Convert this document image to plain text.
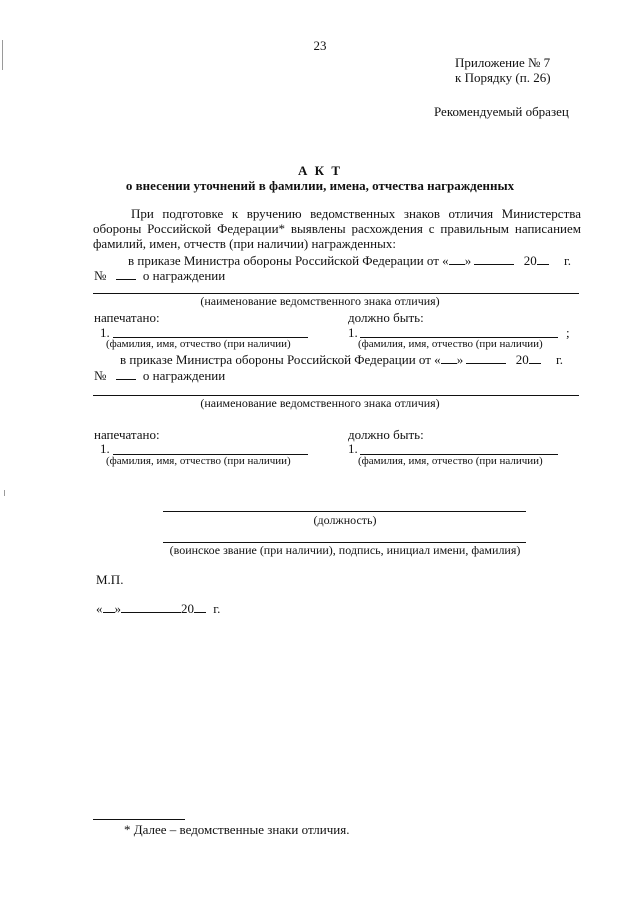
23
Приложение № 7
к Порядку (п. 26)
Рекомендуемый образец
А К Т
о внесении уточнений в фамилии, имена, отчества награжденных
При подготовке к вручению ведомственных знаков отличия Министерства обороны Российской Федерации* выявлены расхождения с правильным написанием фамилий, имен, отчеств (при наличии) награжденных:
в приказе Министра обороны Российской Федерации от « »	20 г.
№	о награждении
(наименование ведомственного знака отличия)
напечатано:	должно быть:
1.	1.	;
(фамилия, имя, отчество (при наличии)	(фамилия, имя, отчество (при наличии)
в приказе Министра обороны Российской Федерации от « »	20 г.
№	о награждении
(наименование ведомственного знака отличия)
напечатано:	должно быть:
1.	1.
(фамилия, имя, отчество (при наличии)	(фамилия, имя, отчество (при наличии)
(должность)
(воинское звание (при наличии), подпись, инициал имени, фамилия)
М.П.
« »	20 г.
* Далее – ведомственные знаки отличия.
